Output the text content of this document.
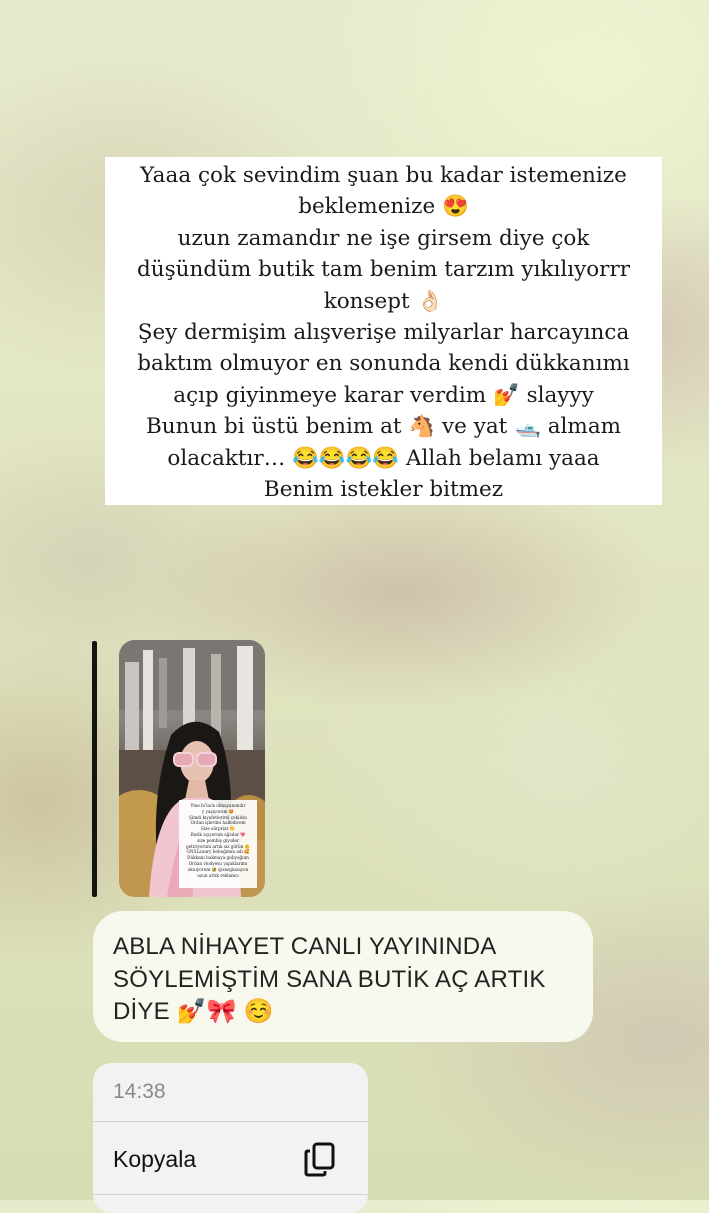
Yaaa çok sevindim şuan bu kadar istemenize
beklemenize 😍
uzun zamandır ne işe girsem diye çok
düşündüm butik tam benim tarzım yıkılıyorrr
konsept 👌🏻
Şey dermişim alışverişe milyarlar harcayınca
baktım olmuyor en sonunda kendi dükkanımı
açıp giyinmeye karar verdim 💅 slayyy
Bunun bi üstü benim at 🐴 ve yat 🛥️ almam
olacaktır… 😂😂😂😂 Allah belamı yaaa
Benim istekler bitmez
Yine bi'lack olmayanımdır
y yaşıyorum 🤩
Şimdi kıyafetlerimi çekilsin
Ordan işlerimi halledicem
Size sürprizz 🤭
Butik açıyorum ağzılar 💖
size pembiş giysiler
getiriyorum artık siz görün 🤫
GNSLaunry bebeğimin adı 🥰
Dükkanı bakmaya gidiyoğum
Ordan vlodyesu yapıklarımı
okuıyorum 🤣 @sezginzayon
uzun artık reklamcı
ABLA NİHAYET CANLI YAYININDA
SÖYLEMİŞTİM SANA BUTİK AÇ ARTIK
DİYE 💅🎀 ☺️
14:38
Kopyala
